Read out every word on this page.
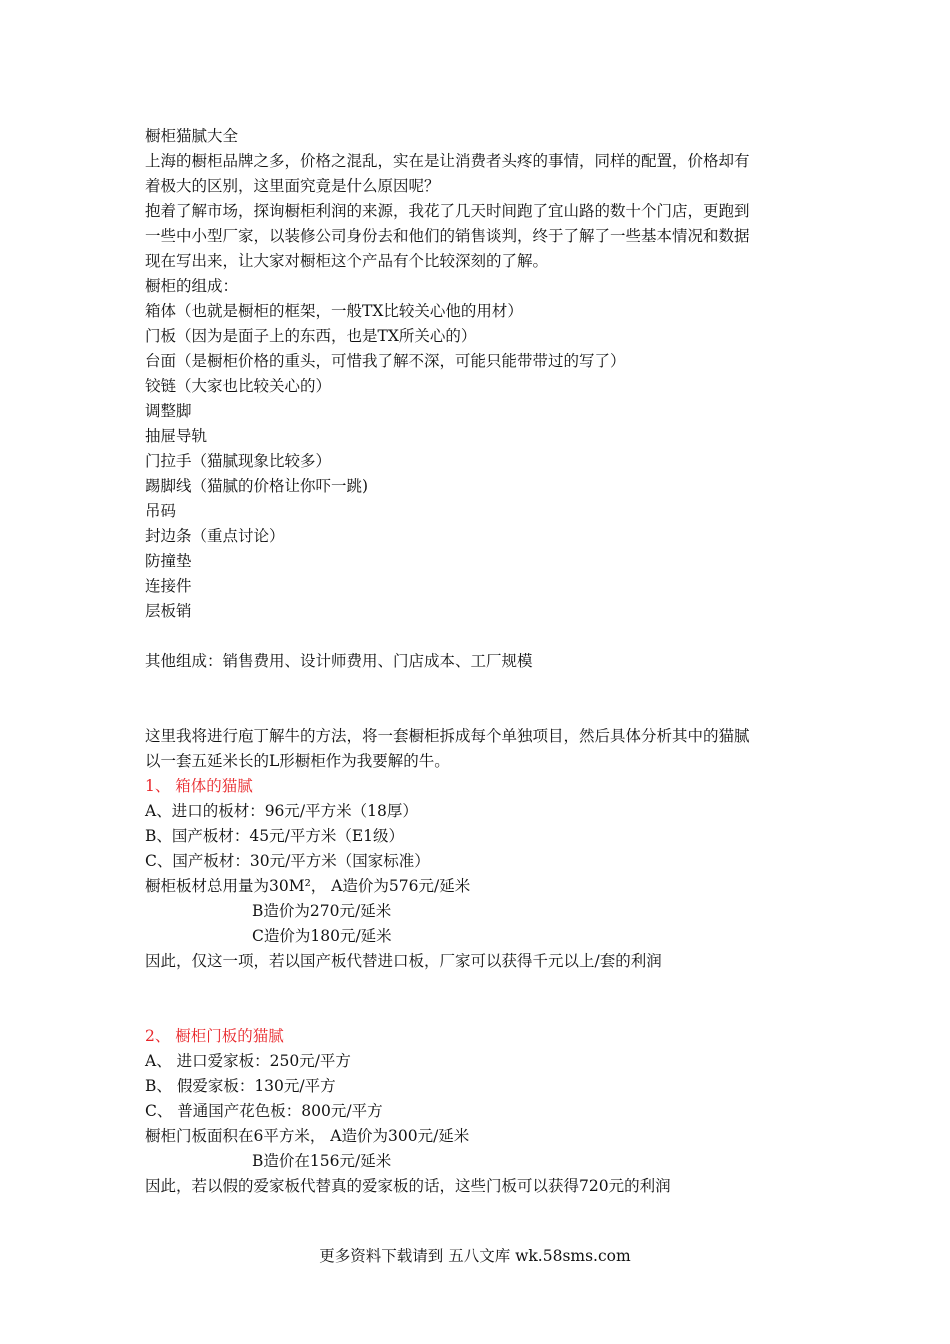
橱柜猫腻大全
上海的橱柜品牌之多，价格之混乱，实在是让消费者头疼的事情，同样的配置，价格却有
着极大的区别，这里面究竟是什么原因呢？
抱着了解市场，探询橱柜利润的来源，我花了几天时间跑了宜山路的数十个门店，更跑到
一些中小型厂家，以装修公司身份去和他们的销售谈判，终于了解了一些基本情况和数据
现在写出来，让大家对橱柜这个产品有个比较深刻的了解。
橱柜的组成：
箱体（也就是橱柜的框架，一般TX比较关心他的用材）
门板（因为是面子上的东西，也是TX所关心的）
台面（是橱柜价格的重头，可惜我了解不深，可能只能带带过的写了）
铰链（大家也比较关心的）
调整脚
抽屉导轨
门拉手（猫腻现象比较多）
踢脚线（猫腻的价格让你吓一跳)
吊码
封边条（重点讨论）
防撞垫
连接件
层板销
其他组成：销售费用、设计师费用、门店成本、工厂规模
这里我将进行庖丁解牛的方法，将一套橱柜拆成每个单独项目，然后具体分析其中的猫腻
以一套五延米长的L形橱柜作为我要解的牛。
1、 箱体的猫腻
A、进口的板材：96元/平方米（18厚）
B、国产板材：45元/平方米（E1级）
C、国产板材：30元/平方米（国家标准）
橱柜板材总用量为30M²， A造价为576元/延米
B造价为270元/延米
C造价为180元/延米
因此，仅这一项，若以国产板代替进口板，厂家可以获得千元以上/套的利润
2、 橱柜门板的猫腻
A、 进口爱家板：250元/平方
B、 假爱家板：130元/平方
C、 普通国产花色板：800元/平方
橱柜门板面积在6平方米， A造价为300元/延米
B造价在156元/延米
因此，若以假的爱家板代替真的爱家板的话，这些门板可以获得720元的利润
更多资料下载请到 五八文库 wk.58sms.com
